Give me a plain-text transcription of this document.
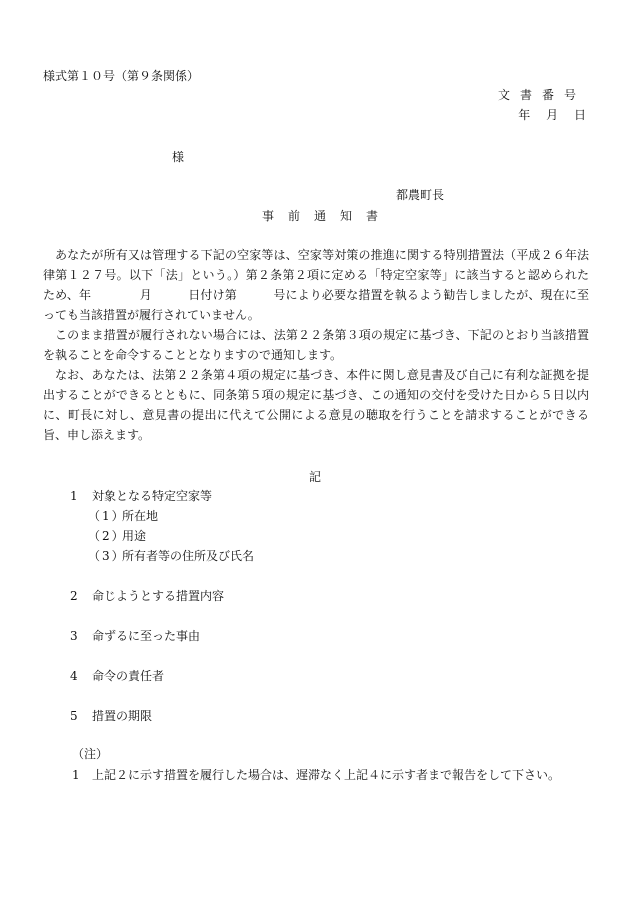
様式第１０号（第９条関係）
文書番号
年 月 日
様
都農町長
事前通知書

あなたが所有又は管理する下記の空家等は、空家等対策の推進に関する特別措置法（平成２６年法律第１２７号。以下「法」という。）第２条第２項に定める「特定空家等」に該当すると認められたため、年　　　　月　　　日付け第　　　号により必要な措置を執るよう勧告しましたが、現在に至っても当該措置が履行されていません。

このまま措置が履行されない場合には、法第２２条第３項の規定に基づき、下記のとおり当該措置を執ることを命令することとなりますので通知します。

なお、あなたは、法第２２条第４項の規定に基づき、本件に関し意見書及び自己に有利な証拠を提出することができるとともに、同条第５項の規定に基づき、この通知の交付を受けた日から５日以内に、町長に対し、意見書の提出に代えて公開による意見の聴取を行うことを請求することができる旨、申し添えます。

記
1 対象となる特定空家等
（1）所在地
（2）用途
（3）所有者等の住所及び氏名
2 命じようとする措置内容
3 命ずるに至った事由
4 命令の責任者
5 措置の期限
（注）
1 上記２に示す措置を履行した場合は、遅滞なく上記４に示す者まで報告をして下さい。
